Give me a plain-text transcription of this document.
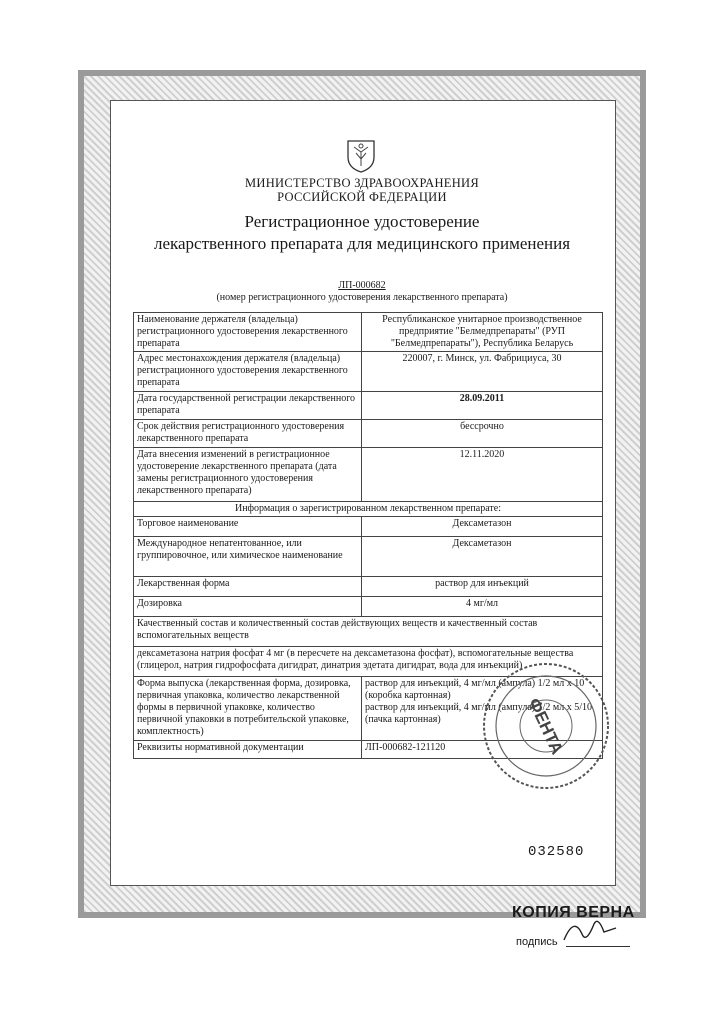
МИНИСТЕРСТВО ЗДРАВООХРАНЕНИЯ
РОССИЙСКОЙ ФЕДЕРАЦИИ
Регистрационное удостоверение
лекарственного препарата для медицинского применения
ЛП-000682
(номер регистрационного удостоверения лекарственного препарата)
Наименование держателя (владельца) регистрационного удостоверения лекарственного препарата	Республиканское унитарное производственное предприятие "Белмедпрепараты" (РУП "Белмедпрепараты"), Республика Беларусь
Адрес местонахождения держателя (владельца) регистрационного удостоверения лекарственного препарата	220007, г. Минск, ул. Фабрициуса, 30
Дата государственной регистрации лекарственного препарата	28.09.2011
Срок действия регистрационного удостоверения лекарственного препарата	бессрочно
Дата внесения изменений в регистрационное удостоверение лекарственного препарата (дата замены регистрационного удостоверения лекарственного препарата)	12.11.2020
Информация о зарегистрированном лекарственном препарате:	
Торговое наименование	Дексаметазон
Международное непатентованное, или группировочное, или химическое наименование	Дексаметазон
Лекарственная форма	раствор для инъекций
Дозировка	4 мг/мл
Качественный состав и количественный состав действующих веществ и качественный состав вспомогательных веществ	
дексаметазона натрия фосфат 4 мг (в пересчете на дексаметазона фосфат), вспомогательные вещества (глицерол, натрия гидрофосфата дигидрат, динатрия эдетата дигидрат, вода для инъекций)	
Форма выпуска (лекарственная форма, дозировка, первичная упаковка, количество лекарственной формы в первичной упаковке, количество первичной упаковки в потребительской упаковке, комплектность)	раствор для инъекций, 4 мг/мл (ампула) 1/2 мл x 10 (коробка картонная)
раствор для инъекций, 4 мг/мл (ампула) 1/2 мл x 5/10 (пачка картонная)

Реквизиты нормативной документации	ЛП-000682-121120	ФЕНТА
032580
КОПИЯ ВЕРНА
подпись
